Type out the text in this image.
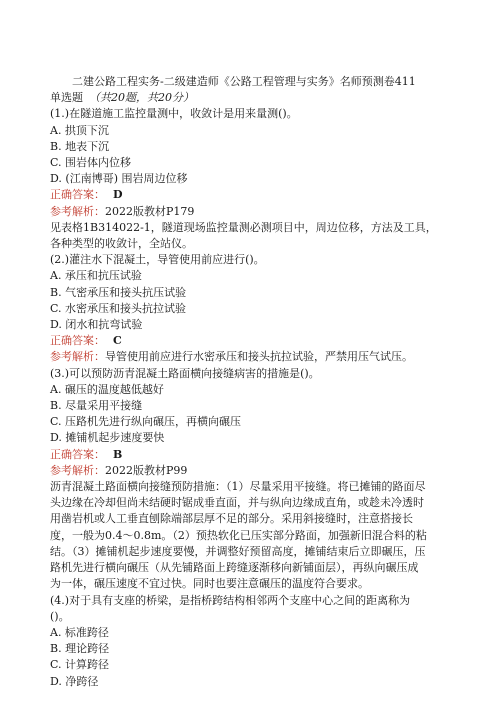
二建公路工程实务-二级建造师《公路工程管理与实务》名师预测卷411
单选题 （共20题，共20分）
(1.)在隧道施工监控量测中，收敛计是用来量测()。
A. 拱顶下沉
B. 地表下沉
C. 围岩体内位移
D. (江南博哥) 围岩周边位移
正确答案： D
参考解析：2022版教材P179
见表格1B314022-1，隧道现场监控量测必测项目中，周边位移，方法及工具，
各种类型的收敛计，全站仪。
(2.)灌注水下混凝土，导管使用前应进行()。
A. 承压和抗压试验
B. 气密承压和接头抗压试验
C. 水密承压和接头抗拉试验
D. 闭水和抗弯试验
正确答案： C
参考解析：导管使用前应进行水密承压和接头抗拉试验，严禁用压气试压。
(3.)可以预防沥青混凝土路面横向接缝病害的措施是()。
A. 碾压的温度越低越好
B. 尽量采用平接缝
C. 压路机先进行纵向碾压，再横向碾压
D. 摊铺机起步速度要快
正确答案： B
参考解析：2022版教材P99
沥青混凝土路面横向接缝预防措施：（1）尽量采用平接缝。将已摊铺的路面尽
头边缘在冷却但尚未结硬时锯成垂直面，并与纵向边缘成直角，或趁未冷透时
用凿岩机或人工垂直刨除端部层厚不足的部分。采用斜接缝时，注意搭接长
度，一般为0.4～0.8m。（2）预热软化已压实部分路面，加强新旧混合料的粘
结。（3）摊铺机起步速度要慢，并调整好预留高度，摊铺结束后立即碾压，压
路机先进行横向碾压（从先铺路面上跨缝逐渐移向新铺面层），再纵向碾压成
为一体，碾压速度不宜过快。同时也要注意碾压的温度符合要求。
(4.)对于具有支座的桥梁，是指桥跨结构相邻两个支座中心之间的距离称为
()。
A. 标准跨径
B. 理论跨径
C. 计算跨径
D. 净跨径
